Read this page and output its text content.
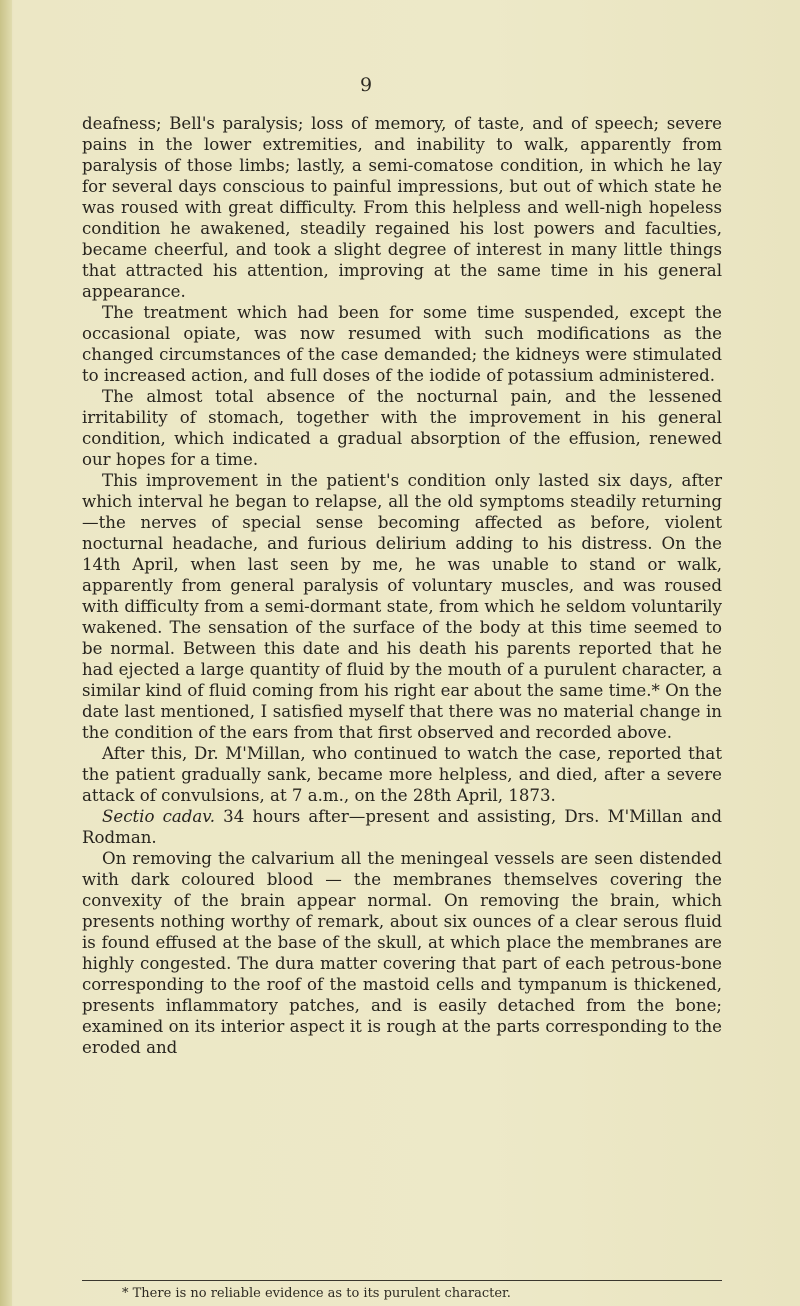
9

deafness; Bell's paralysis; loss of memory, of taste, and of speech; severe pains in the lower extremities, and inability to walk, apparently from paralysis of those limbs; lastly, a semi-comatose condition, in which he lay for several days conscious to painful impressions, but out of which state he was roused with great difficulty. From this helpless and well-nigh hopeless condition he awakened, steadily regained his lost powers and faculties, became cheerful, and took a slight degree of interest in many little things that attracted his attention, improving at the same time in his general appearance.

The treatment which had been for some time suspended, except the occasional opiate, was now resumed with such modifications as the changed circumstances of the case demanded; the kidneys were stimulated to increased action, and full doses of the iodide of potassium administered.

The almost total absence of the nocturnal pain, and the lessened irritability of stomach, together with the improvement in his general condition, which indicated a gradual absorption of the effusion, renewed our hopes for a time.

This improvement in the patient's condition only lasted six days, after which interval he began to relapse, all the old symptoms steadily returning—the nerves of special sense becoming affected as before, violent nocturnal headache, and furious delirium adding to his distress. On the 14th April, when last seen by me, he was unable to stand or walk, apparently from general paralysis of voluntary muscles, and was roused with difficulty from a semi-dormant state, from which he seldom voluntarily wakened. The sensation of the surface of the body at this time seemed to be normal. Between this date and his death his parents reported that he had ejected a large quantity of fluid by the mouth of a purulent character, a similar kind of fluid coming from his right ear about the same time.* On the date last mentioned, I satisfied myself that there was no material change in the condition of the ears from that first observed and recorded above.

After this, Dr. M'Millan, who continued to watch the case, reported that the patient gradually sank, became more helpless, and died, after a severe attack of convulsions, at 7 a.m., on the 28th April, 1873.

Sectio cadav. 34 hours after—present and assisting, Drs. M'Millan and Rodman.

On removing the calvarium all the meningeal vessels are seen distended with dark coloured blood — the membranes themselves covering the convexity of the brain appear normal. On removing the brain, which presents nothing worthy of remark, about six ounces of a clear serous fluid is found effused at the base of the skull, at which place the membranes are highly congested. The dura matter covering that part of each petrous-bone corresponding to the roof of the mastoid cells and tympanum is thickened, presents inflammatory patches, and is easily detached from the bone; examined on its interior aspect it is rough at the parts corresponding to the eroded and

* There is no reliable evidence as to its purulent character.
